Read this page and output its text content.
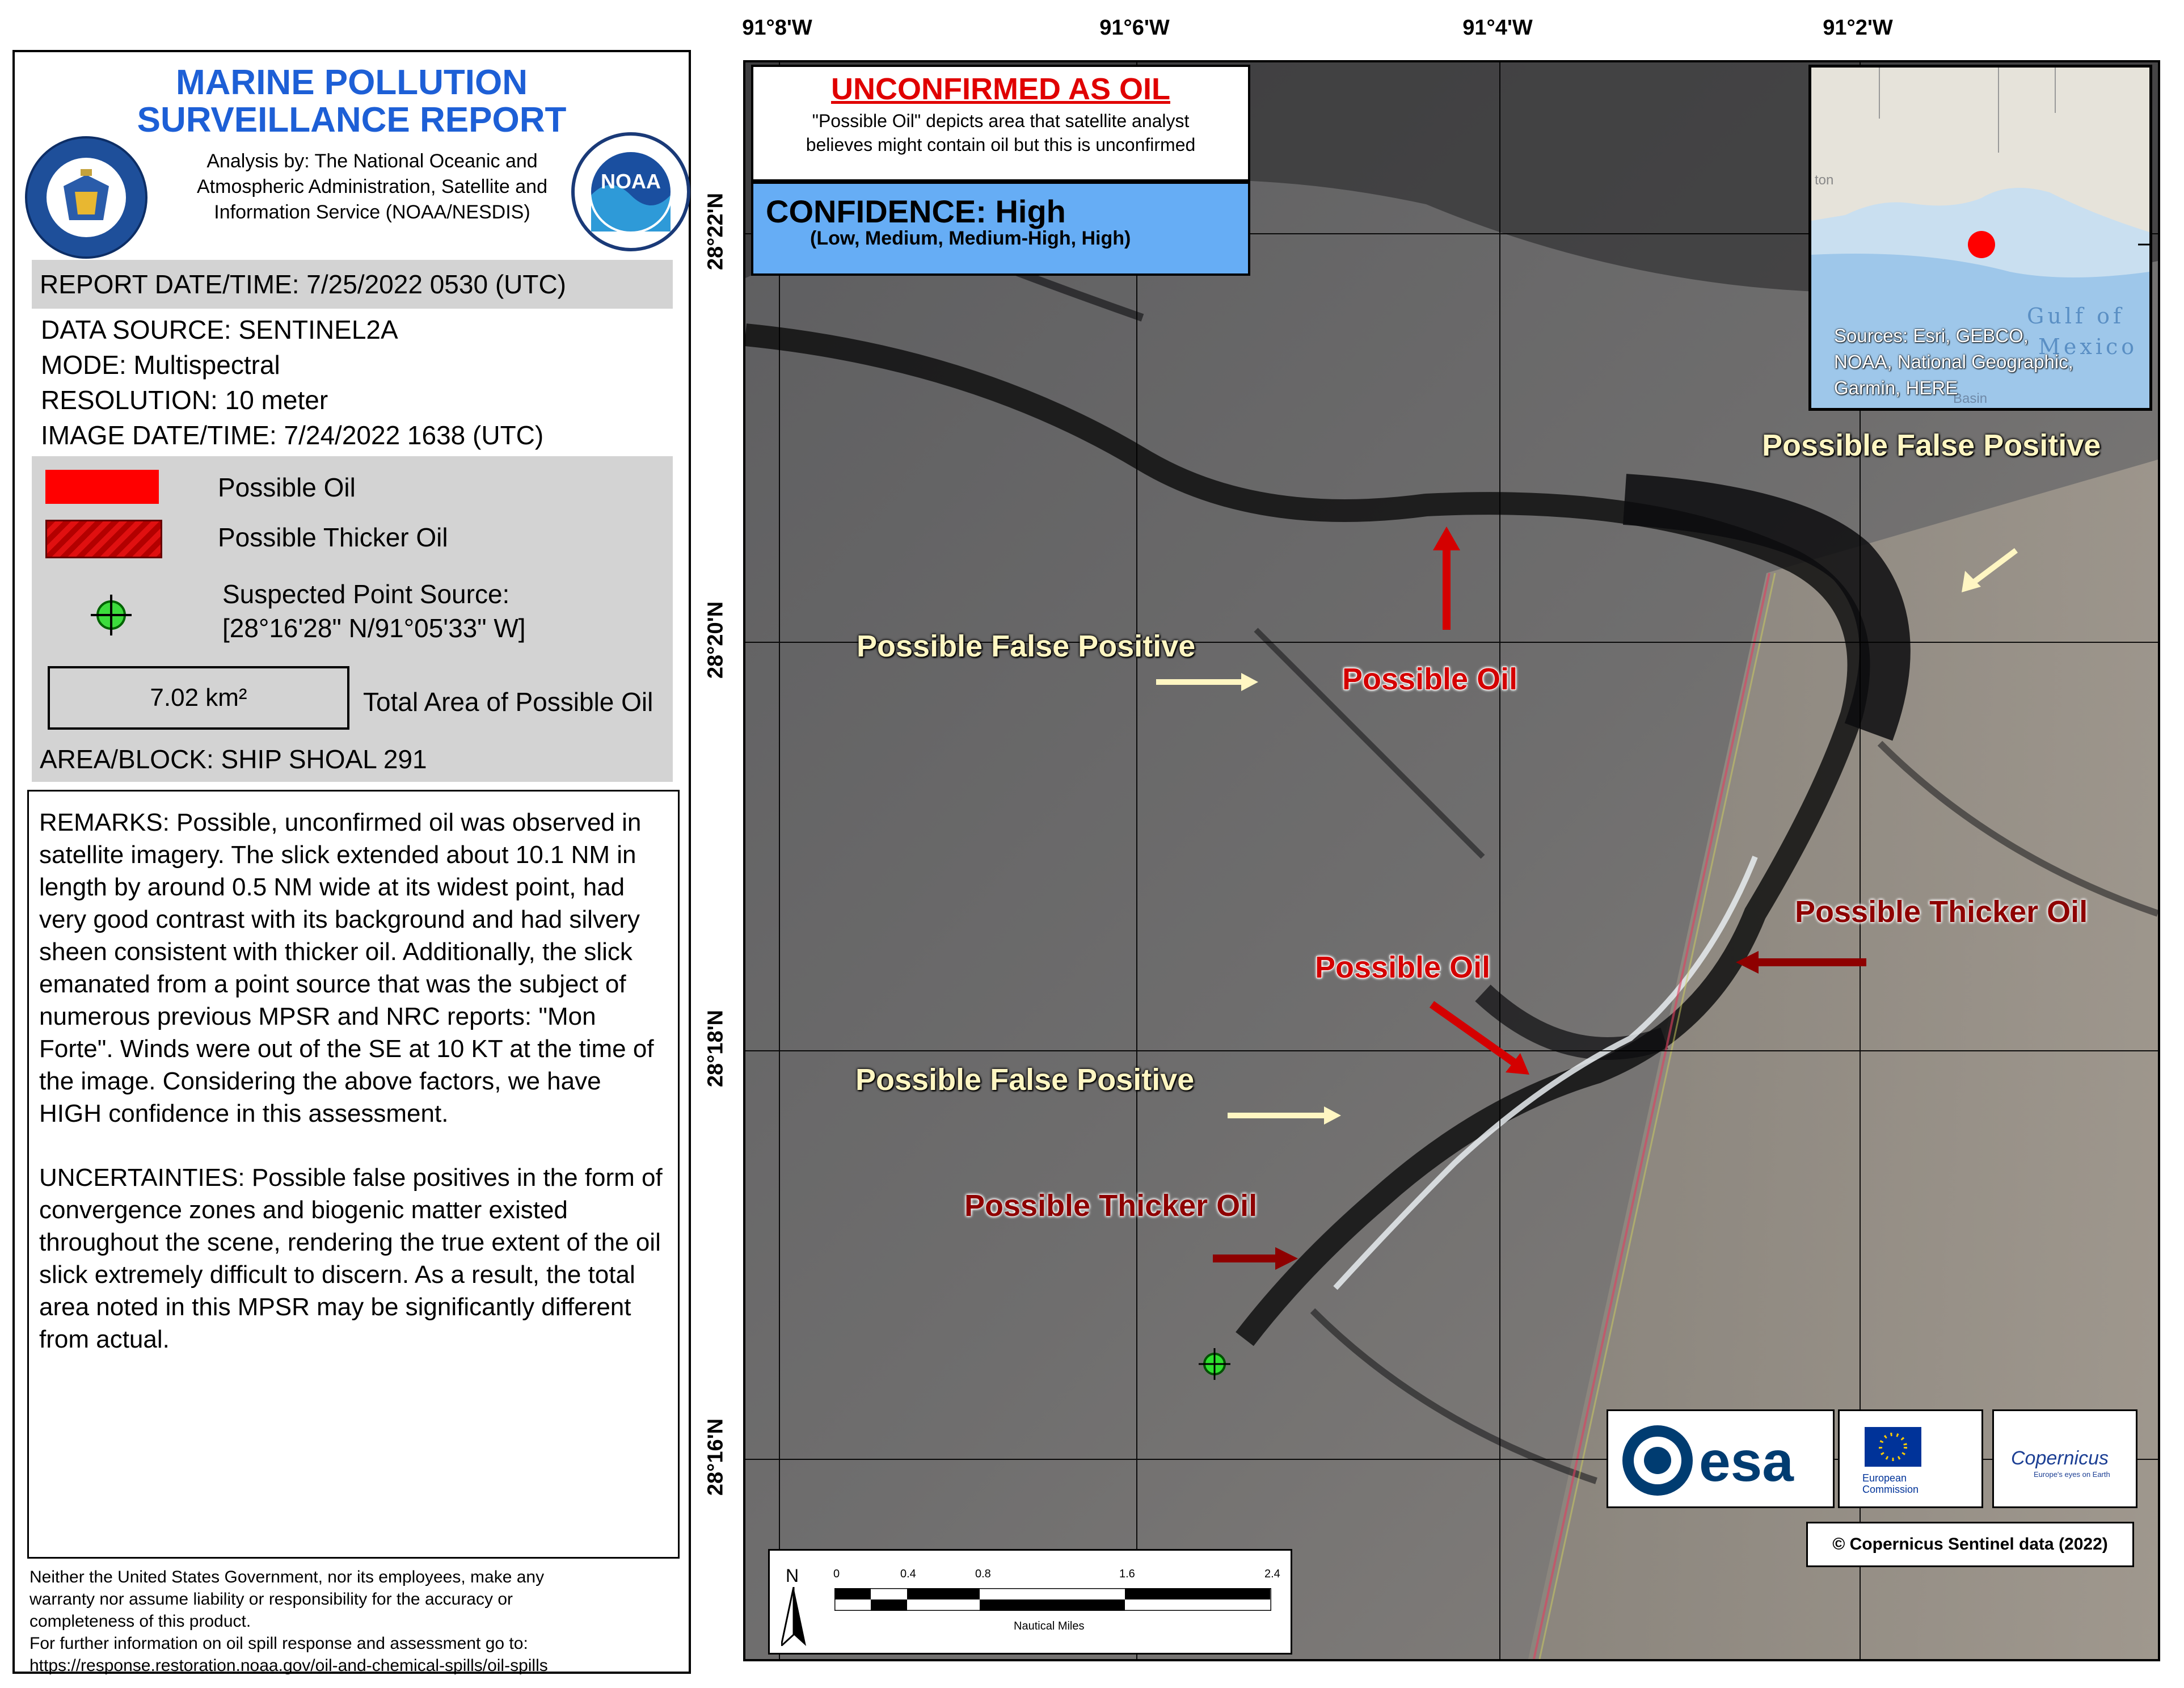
MARINE POLLUTION
SURVEILLANCE REPORT
Analysis by: The National Oceanic and
Atmospheric Administration, Satellite and
Information Service (NOAA/NESDIS)
NOAA
REPORT DATE/TIME: 7/25/2022 0530 (UTC)
DATA SOURCE: SENTINEL2A
MODE: Multispectral
RESOLUTION: 10 meter
IMAGE DATE/TIME: 7/24/2022 1638 (UTC)
Possible Oil
Possible Thicker Oil
Suspected Point Source:
[28°16'28" N/91°05'33" W]
7.02 km²	Total Area of Possible Oil
AREA/BLOCK: SHIP SHOAL 291

REMARKS: Possible, unconfirmed oil was observed in satellite imagery. The slick extended about 10.1 NM in length by around 0.5 NM wide at its widest point, had very good contrast with its background and had silvery sheen consistent with thicker oil. Additionally, the slick emanated from a point source that was the subject of numerous previous MPSR and NRC reports: "Mon Forte". Winds were out of the SE at 10 KT at the time of the image. Considering the above factors, we have HIGH confidence in this assessment.

UNCERTAINTIES: Possible false positives in the form of convergence zones and biogenic matter existed throughout the scene, rendering the true extent of the oil slick extremely difficult to discern. As a result, the total area noted in this MPSR may be significantly different from actual.

Neither the United States Government, nor its employees, make any
warranty nor assume liability or responsibility for the accuracy or
completeness of this product.
For further information on oil spill response and assessment go to:
https://response.restoration.noaa.gov/oil-and-chemical-spills/oil-spills
91°8'W	91°6'W	91°4'W	91°2'W
28°22'N
28°20'N
28°18'N
28°16'N
Possible Oil
Possible Oil
Possible Thicker Oil
Possible Thicker Oil
Possible False Positive
Possible False Positive
Possible False Positive
UNCONFIRMED AS OIL
"Possible Oil" depicts area that satellite analyst
believes might contain oil but this is unconfirmed
CONFIDENCE: High
(Low, Medium, Medium-High, High)
ton
Gulf of
Mexico
Basin
Sources: Esri, GEBCO,
NOAA, National Geographic,
Garmin, HERE
esa	European
Commission
Copernicus
Europe's eyes on Earth
© Copernicus Sentinel data (2022)
N	0	0.4	0.8	1.6	2.4
Nautical Miles
